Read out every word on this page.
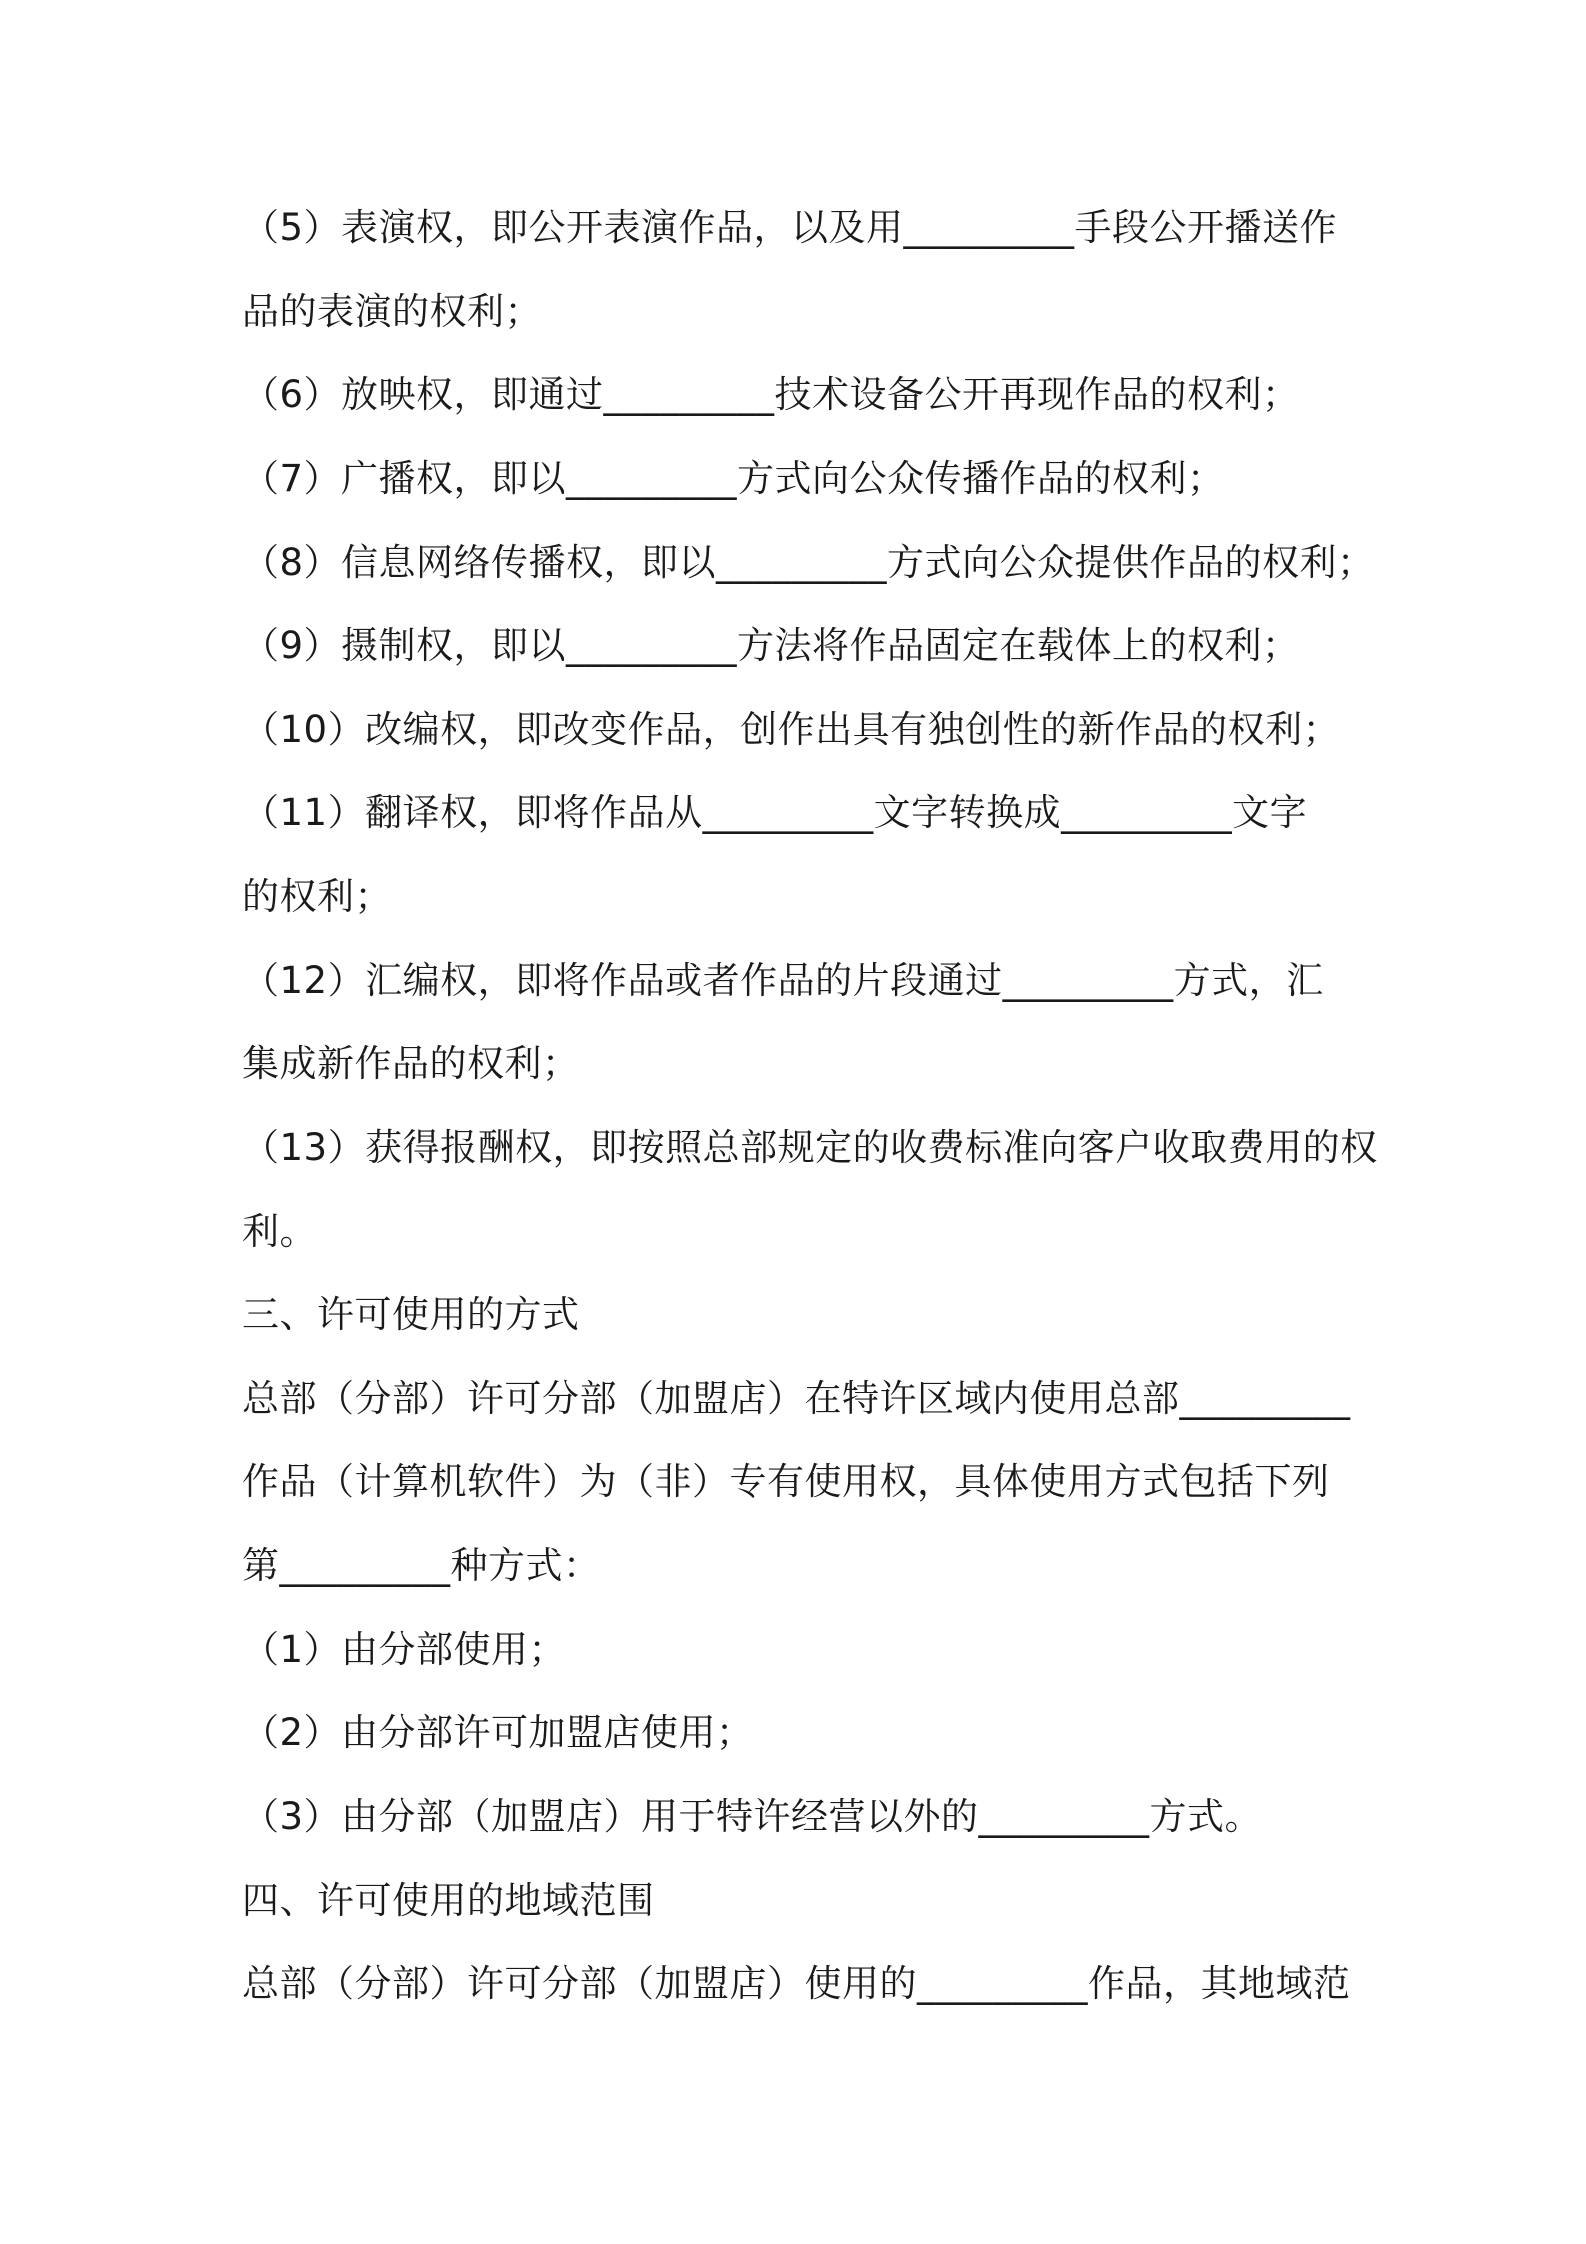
（5）表演权，即公开表演作品，以及用_________手段公开播送作
品的表演的权利；
（6）放映权，即通过_________技术设备公开再现作品的权利；
（7）广播权，即以_________方式向公众传播作品的权利；
（8）信息网络传播权，即以_________方式向公众提供作品的权利；
（9）摄制权，即以_________方法将作品固定在载体上的权利；
（10）改编权，即改变作品，创作出具有独创性的新作品的权利；
（11）翻译权，即将作品从_________文字转换成_________文字
的权利；
（12）汇编权，即将作品或者作品的片段通过_________方式，汇
集成新作品的权利；
（13）获得报酬权，即按照总部规定的收费标准向客户收取费用的权
利。
三、许可使用的方式
总部（分部）许可分部（加盟店）在特许区域内使用总部_________
作品（计算机软件）为（非）专有使用权，具体使用方式包括下列
第_________种方式：
（1）由分部使用；
（2）由分部许可加盟店使用；
（3）由分部（加盟店）用于特许经营以外的_________方式。
四、许可使用的地域范围
总部（分部）许可分部（加盟店）使用的_________作品，其地域范
